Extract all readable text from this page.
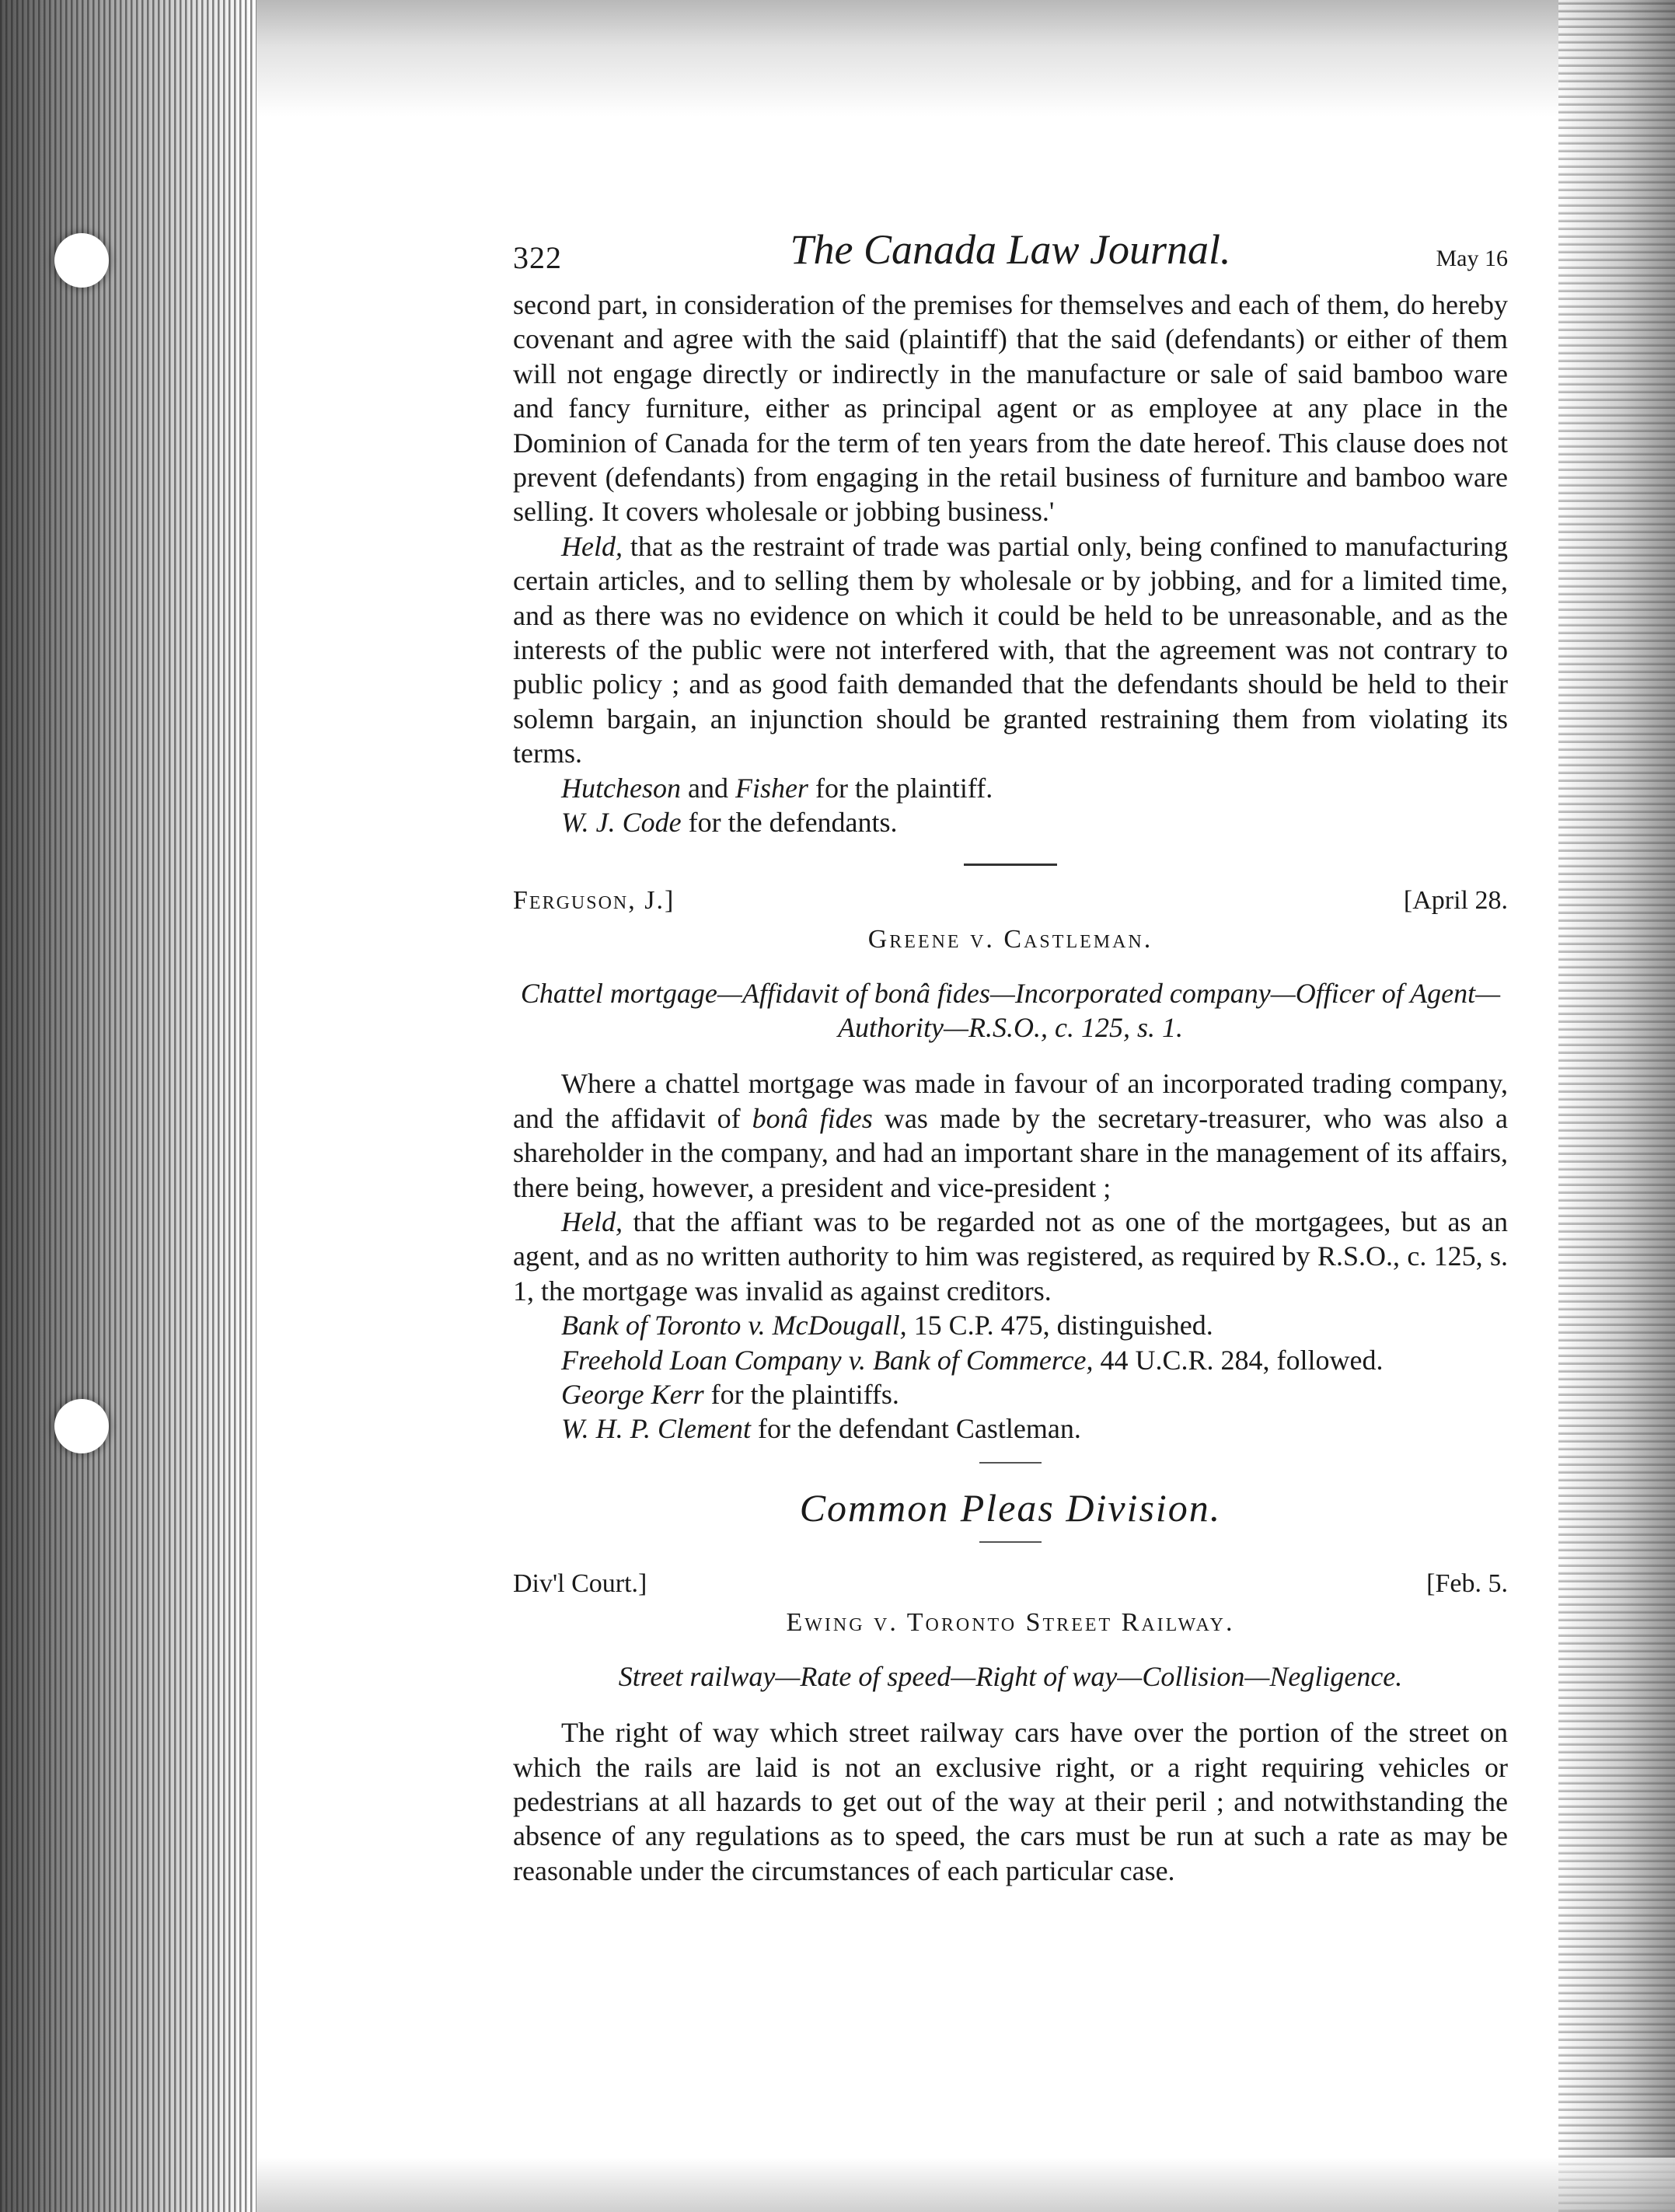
322	The Canada Law Journal.	May 16

second part, in consideration of the premises for themselves and each of them, do hereby covenant and agree with the said (plaintiff) that the said (defendants) or either of them will not engage directly or indirectly in the manufacture or sale of said bamboo ware and fancy furniture, either as principal agent or as employee at any place in the Dominion of Canada for the term of ten years from the date hereof. This clause does not prevent (defendants) from engaging in the retail business of furniture and bamboo ware selling. It covers wholesale or jobbing business.'

Held, that as the restraint of trade was partial only, being confined to manufacturing certain articles, and to selling them by wholesale or by jobbing, and for a limited time, and as there was no evidence on which it could be held to be unreasonable, and as the interests of the public were not interfered with, that the agreement was not contrary to public policy ; and as good faith demanded that the defendants should be held to their solemn bargain, an injunction should be granted restraining them from violating its terms.

Hutcheson and Fisher for the plaintiff.

W. J. Code for the defendants.

Ferguson, J.]	[April 28.
Greene v. Castleman.

Chattel mortgage—Affidavit of bonâ fides—Incorporated company—Officer of Agent—Authority—R.S.O., c. 125, s. 1.

Where a chattel mortgage was made in favour of an incorporated trading company, and the affidavit of bonâ fides was made by the secretary-treasurer, who was also a shareholder in the company, and had an important share in the management of its affairs, there being, however, a president and vice-president ;

Held, that the affiant was to be regarded not as one of the mortgagees, but as an agent, and as no written authority to him was registered, as required by R.S.O., c. 125, s. 1, the mortgage was invalid as against creditors.

Bank of Toronto v. McDougall, 15 C.P. 475, distinguished.

Freehold Loan Company v. Bank of Commerce, 44 U.C.R. 284, followed.

George Kerr for the plaintiffs.

W. H. P. Clement for the defendant Castleman.

Common Pleas Division.
Div'l Court.]	[Feb. 5.
Ewing v. Toronto Street Railway.

Street railway—Rate of speed—Right of way—Collision—Negligence.

The right of way which street railway cars have over the portion of the street on which the rails are laid is not an exclusive right, or a right requiring vehicles or pedestrians at all hazards to get out of the way at their peril ; and notwithstanding the absence of any regulations as to speed, the cars must be run at such a rate as may be reasonable under the circumstances of each particular case.
